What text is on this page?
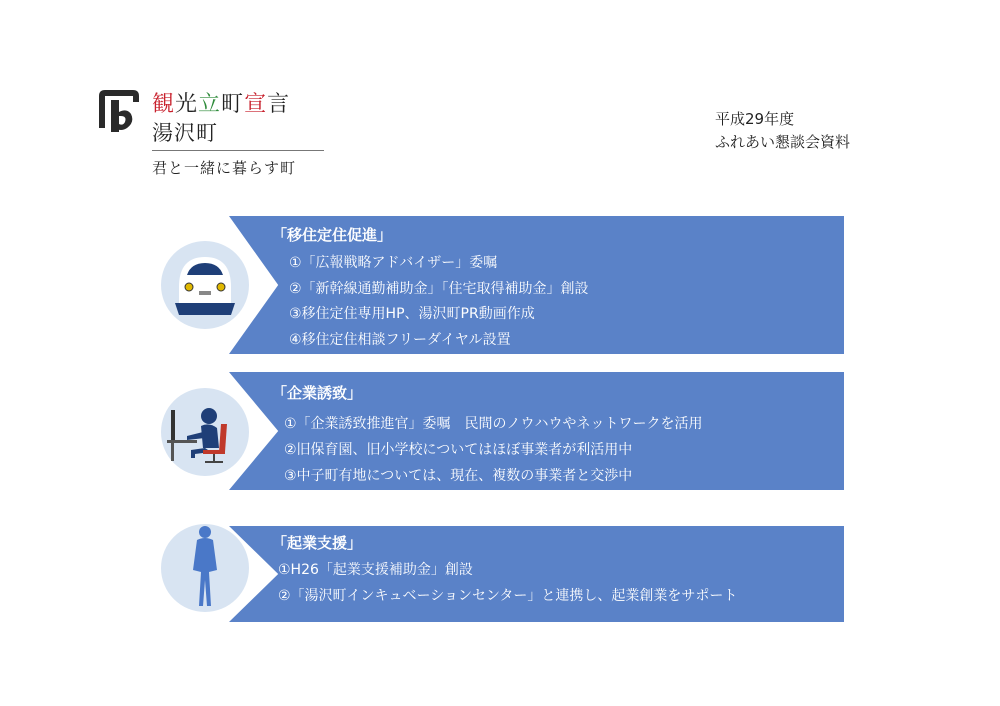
観光立町宣言
湯沢町
君と一緒に暮らす町
平成29年度
ふれあい懇談会資料
「移住定住促進」
①「広報戦略アドバイザー」委嘱
②「新幹線通勤補助金」「住宅取得補助金」創設
③移住定住専用HP、湯沢町PR動画作成
④移住定住相談フリーダイヤル設置
「企業誘致」
①「企業誘致推進官」委嘱　民間のノウハウやネットワークを活用
②旧保育園、旧小学校についてはほぼ事業者が利活用中
③中子町有地については、現在、複数の事業者と交渉中
「起業支援」
①H26「起業支援補助金」創設
②「湯沢町インキュベーションセンター」と連携し、起業創業をサポート
